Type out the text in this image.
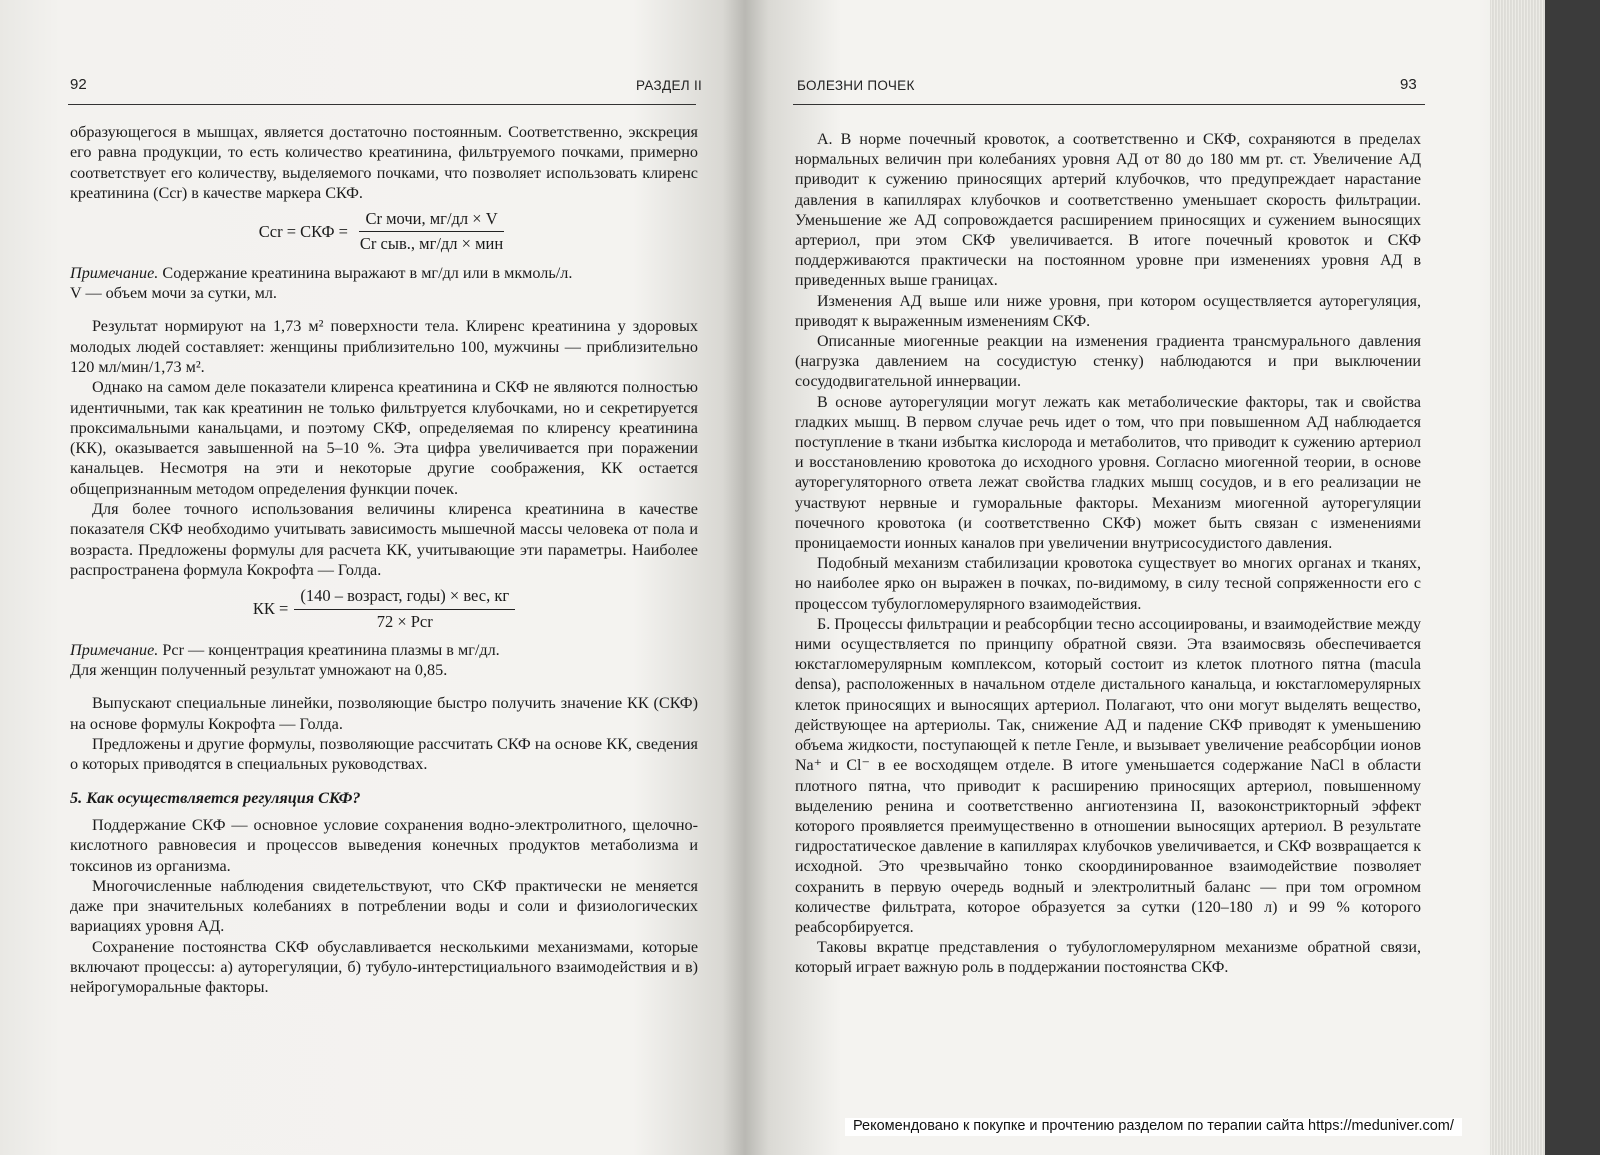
92	РАЗДЕЛ II

образующегося в мышцах, является достаточно постоянным. Соответственно, экскреция его равна продукции, то есть количество креатинина, фильтруемого почками, примерно соответствует его количеству, выделяемого почками, что позволяет использовать клиренс креатинина (Ccr) в качестве маркера СКФ.

Ccr = СКФ = $\frac{\text{Cr мочи, мг/дл × V}}{\text{Cr сыв., мг/дл × мин}}$

Примечание. Содержание креатинина выражают в мг/дл или в мкмоль/л.

V — объем мочи за сутки, мл.

Результат нормируют на 1,73 м² поверхности тела. Клиренс креатинина у здоровых молодых людей составляет: женщины приблизительно 100, мужчины — приблизительно 120 мл/мин/1,73 м².

Однако на самом деле показатели клиренса креатинина и СКФ не являются полностью идентичными, так как креатинин не только фильтруется клубочками, но и секретируется проксимальными канальцами, и поэтому СКФ, определяемая по клиренсу креатинина (КК), оказывается завышенной на 5–10 %. Эта цифра увеличивается при поражении канальцев. Несмотря на эти и некоторые другие соображения, КК остается общепризнанным методом определения функции почек.

Для более точного использования величины клиренса креатинина в качестве показателя СКФ необходимо учитывать зависимость мышечной массы человека от пола и возраста. Предложены формулы для расчета КК, учитывающие эти параметры. Наиболее распространена формула Кокрофта — Голда.

КК = $\frac{\text{(140 – возраст, годы) × вес, кг}}{\text{72 × Pcr}}$

Примечание. Pcr — концентрация креатинина плазмы в мг/дл.

Для женщин полученный результат умножают на 0,85.

Выпускают специальные линейки, позволяющие быстро получить значение КК (СКФ) на основе формулы Кокрофта — Голда.

Предложены и другие формулы, позволяющие рассчитать СКФ на основе КК, сведения о которых приводятся в специальных руководствах.

5. Как осуществляется регуляция СКФ?

Поддержание СКФ — основное условие сохранения водно-электролитного, щелочно-кислотного равновесия и процессов выведения конечных продуктов метаболизма и токсинов из организма.

Многочисленные наблюдения свидетельствуют, что СКФ практически не меняется даже при значительных колебаниях в потреблении воды и соли и физиологических вариациях уровня АД.

Сохранение постоянства СКФ обуславливается несколькими механизмами, которые включают процессы: а) ауторегуляции, б) тубуло-интерстициального взаимодействия и в) нейрогуморальные факторы.

БОЛЕЗНИ ПОЧЕК	93

А. В норме почечный кровоток, а соответственно и СКФ, сохраняются в пределах нормальных величин при колебаниях уровня АД от 80 до 180 мм рт. ст. Увеличение АД приводит к сужению приносящих артерий клубочков, что предупреждает нарастание давления в капиллярах клубочков и соответственно уменьшает скорость фильтрации. Уменьшение же АД сопровождается расширением приносящих и сужением выносящих артериол, при этом СКФ увеличивается. В итоге почечный кровоток и СКФ поддерживаются практически на постоянном уровне при изменениях уровня АД в приведенных выше границах.

Изменения АД выше или ниже уровня, при котором осуществляется ауторегуляция, приводят к выраженным изменениям СКФ.

Описанные миогенные реакции на изменения градиента трансмурального давления (нагрузка давлением на сосудистую стенку) наблюдаются и при выключении сосудодвигательной иннервации.

В основе ауторегуляции могут лежать как метаболические факторы, так и свойства гладких мышц. В первом случае речь идет о том, что при повышенном АД наблюдается поступление в ткани избытка кислорода и метаболитов, что приводит к сужению артериол и восстановлению кровотока до исходного уровня. Согласно миогенной теории, в основе ауторегуляторного ответа лежат свойства гладких мышц сосудов, и в его реализации не участвуют нервные и гуморальные факторы. Механизм миогенной ауторегуляции почечного кровотока (и соответственно СКФ) может быть связан с изменениями проницаемости ионных каналов при увеличении внутрисосудистого давления.

Подобный механизм стабилизации кровотока существует во многих органах и тканях, но наиболее ярко он выражен в почках, по-видимому, в силу тесной сопряженности его с процессом тубулогломерулярного взаимодействия.

Б. Процессы фильтрации и реабсорбции тесно ассоциированы, и взаимодействие между ними осуществляется по принципу обратной связи. Эта взаимосвязь обеспечивается юкстагломерулярным комплексом, который состоит из клеток плотного пятна (macula densa), расположенных в начальном отделе дистального канальца, и юкстагломерулярных клеток приносящих и выносящих артериол. Полагают, что они могут выделять вещество, действующее на артериолы. Так, снижение АД и падение СКФ приводят к уменьшению объема жидкости, поступающей к петле Генле, и вызывает увеличение реабсорбции ионов Na⁺ и Cl⁻ в ее восходящем отделе. В итоге уменьшается содержание NaCl в области плотного пятна, что приводит к расширению приносящих артериол, повышенному выделению ренина и соответственно ангиотензина II, вазоконстрикторный эффект которого проявляется преимущественно в отношении выносящих артериол. В результате гидростатическое давление в капиллярах клубочков увеличивается, и СКФ возвращается к исходной. Это чрезвычайно тонко скоординированное взаимодействие позволяет сохранить в первую очередь водный и электролитный баланс — при том огромном количестве фильтрата, которое образуется за сутки (120–180 л) и 99 % которого реабсорбируется.

Таковы вкратце представления о тубулогломерулярном механизме обратной связи, который играет важную роль в поддержании постоянства СКФ.

Рекомендовано к покупке и прочтению разделом по терапии сайта https://meduniver.com/
